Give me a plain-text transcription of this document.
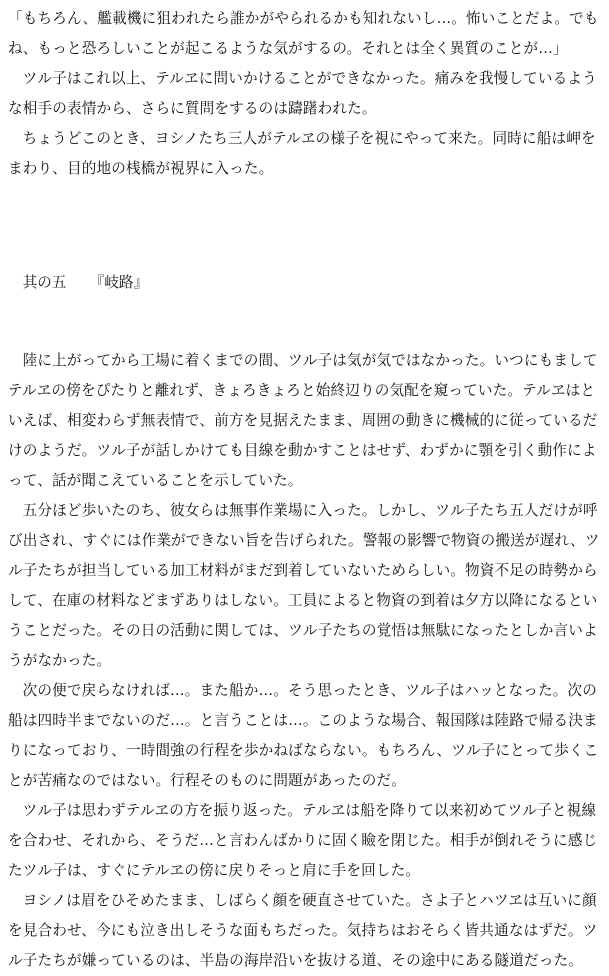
「もちろん、艦載機に狙われたら誰かがやられるかも知れないし…。怖いことだよ。でもね、もっと恐ろしいことが起こるような気がするの。それとは全く異質のことが…」

ツル子はこれ以上、テルヱに問いかけることができなかった。痛みを我慢しているような相手の表情から、さらに質問をするのは躊躇われた。

ちょうどこのとき、ヨシノたち三人がテルヱの様子を視にやって来た。同時に船は岬をまわり、目的地の桟橋が視界に入った。

其の五 『岐路』

陸に上がってから工場に着くまでの間、ツル子は気が気ではなかった。いつにもましてテルヱの傍をぴたりと離れず、きょろきょろと始終辺りの気配を窺っていた。テルヱはといえば、相変わらず無表情で、前方を見据えたまま、周囲の動きに機械的に従っているだけのようだ。ツル子が話しかけても目線を動かすことはせず、わずかに顎を引く動作によって、話が聞こえていることを示していた。

五分ほど歩いたのち、彼女らは無事作業場に入った。しかし、ツル子たち五人だけが呼び出され、すぐには作業ができない旨を告げられた。警報の影響で物資の搬送が遅れ、ツル子たちが担当している加工材料がまだ到着していないためらしい。物資不足の時勢からして、在庫の材料などまずありはしない。工員によると物資の到着は夕方以降になるということだった。その日の活動に関しては、ツル子たちの覚悟は無駄になったとしか言いようがなかった。

次の便で戻らなければ…。また船か…。そう思ったとき、ツル子はハッとなった。次の船は四時半までないのだ…。と言うことは…。このような場合、報国隊は陸路で帰る決まりになっており、一時間強の行程を歩かねばならない。もちろん、ツル子にとって歩くことが苦痛なのではない。行程そのものに問題があったのだ。

ツル子は思わずテルヱの方を振り返った。テルヱは船を降りて以来初めてツル子と視線を合わせ、それから、そうだ…と言わんばかりに固く瞼を閉じた。相手が倒れそうに感じたツル子は、すぐにテルヱの傍に戻りそっと肩に手を回した。

ヨシノは眉をひそめたまま、しばらく顔を硬直させていた。さよ子とハツヱは互いに顔を見合わせ、今にも泣き出しそうな面もちだった。気持ちはおそらく皆共通なはずだ。ツル子たちが嫌っているのは、半島の海岸沿いを抜ける道、その途中にある隧道だった。
